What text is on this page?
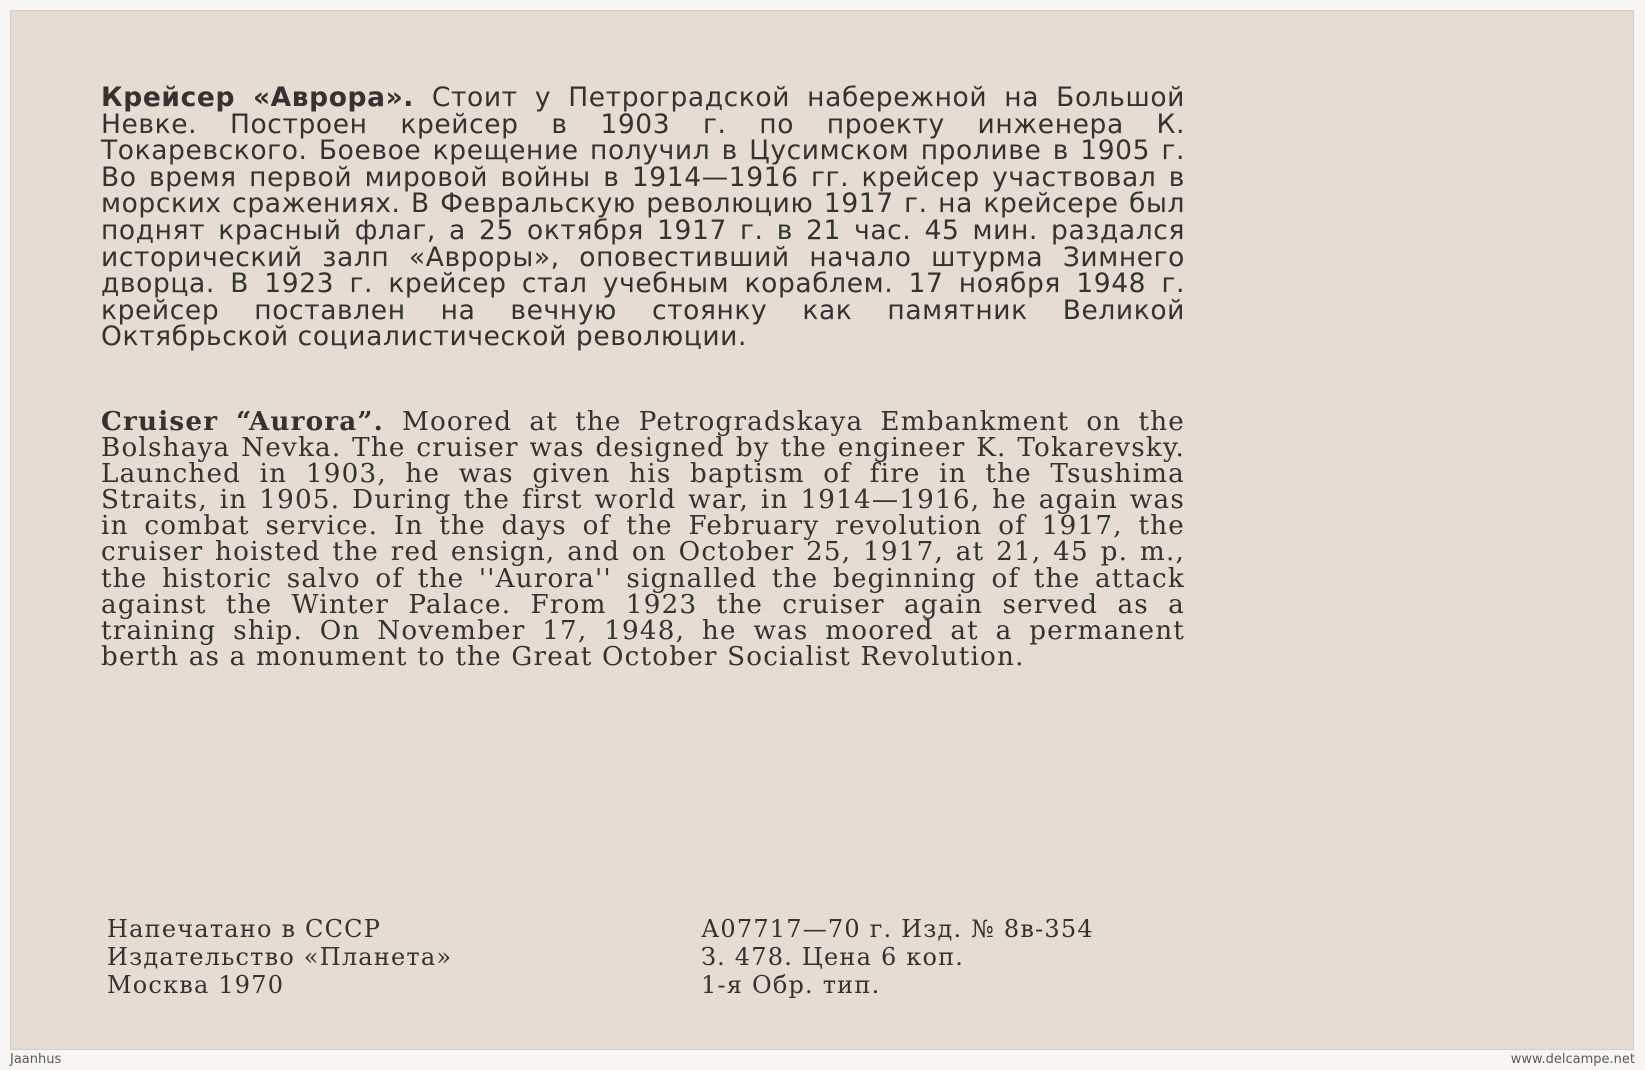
Крейсер «Аврора». Стоит у Петроградской набережной на Большой Невке. Построен крейсер в 1903 г. по проекту инженера К. Токаревского. Боевое крещение получил в Цусимском проливе в 1905 г. Во время первой мировой войны в 1914—1916 гг. крейсер участвовал в морских сражениях. В Февральскую революцию 1917 г. на крейсере был поднят красный флаг, а 25 октября 1917 г. в 21 час. 45 мин. раздался исторический залп «Авроры», оповестивший начало штурма Зимнего дворца. В 1923 г. крейсер стал учебным кораблем. 17 ноября 1948 г. крейсер поставлен на вечную стоянку как памятник Великой Октябрьской социалистической революции.
Cruiser “Aurora”. Moored at the Petrogradskaya Embankment on the Bolshaya Nevka. The cruiser was designed by the engineer K. Tokarevsky. Launched in 1903, he was given his baptism of fire in the Tsushima Straits, in 1905. During the first world war, in 1914—1916, he again was in combat service. In the days of the February revolution of 1917, the cruiser hoisted the red ensign, and on October 25, 1917, at 21, 45 p. m., the historic salvo of the ''Aurora'' signalled the beginning of the attack against the Winter Palace. From 1923 the cruiser again served as a training ship. On November 17, 1948, he was moored at a permanent berth as a monument to the Great October Socialist Revolution.
Напечатано в СССР
Издательство «Планета»
Москва 1970
А07717—70 г. Изд. № 8в-354
З. 478. Цена 6 коп.
1-я Обр. тип.
Jaanhus	www.delcampe.net
